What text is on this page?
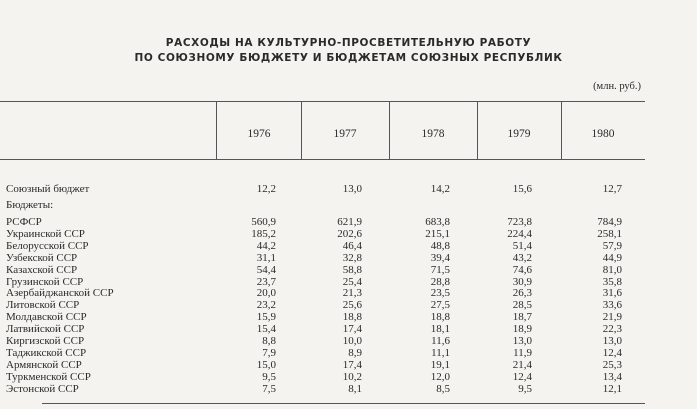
РАСХОДЫ НА КУЛЬТУРНО-ПРОСВЕТИТЕЛЬНУЮ РАБОТУ
ПО СОЮЗНОМУ БЮДЖЕТУ И БЮДЖЕТАМ СОЮЗНЫХ РЕСПУБЛИК
(млн. руб.)
1976	1977	1978	1979	1980
Союзный бюджет	12,2	13,0	14,2	15,6	12,7
Бюджеты:
РСФСР	560,9	621,9	683,8	723,8	784,9
Украинской ССР	185,2	202,6	215,1	224,4	258,1
Белорусской ССР	44,2	46,4	48,8	51,4	57,9
Узбекской ССР	31,1	32,8	39,4	43,2	44,9
Казахской ССР	54,4	58,8	71,5	74,6	81,0
Грузинской ССР	23,7	25,4	28,8	30,9	35,8
Азербайджанской ССР	20,0	21,3	23,5	26,3	31,6
Литовской ССР	23,2	25,6	27,5	28,5	33,6
Молдавской ССР	15,9	18,8	18,8	18,7	21,9
Латвийской ССР	15,4	17,4	18,1	18,9	22,3
Киргизской ССР	8,8	10,0	11,6	13,0	13,0
Таджикской ССР	7,9	8,9	11,1	11,9	12,4
Армянской ССР	15,0	17,4	19,1	21,4	25,3
Туркменской ССР	9,5	10,2	12,0	12,4	13,4
Эстонской ССР	7,5	8,1	8,5	9,5	12,1
